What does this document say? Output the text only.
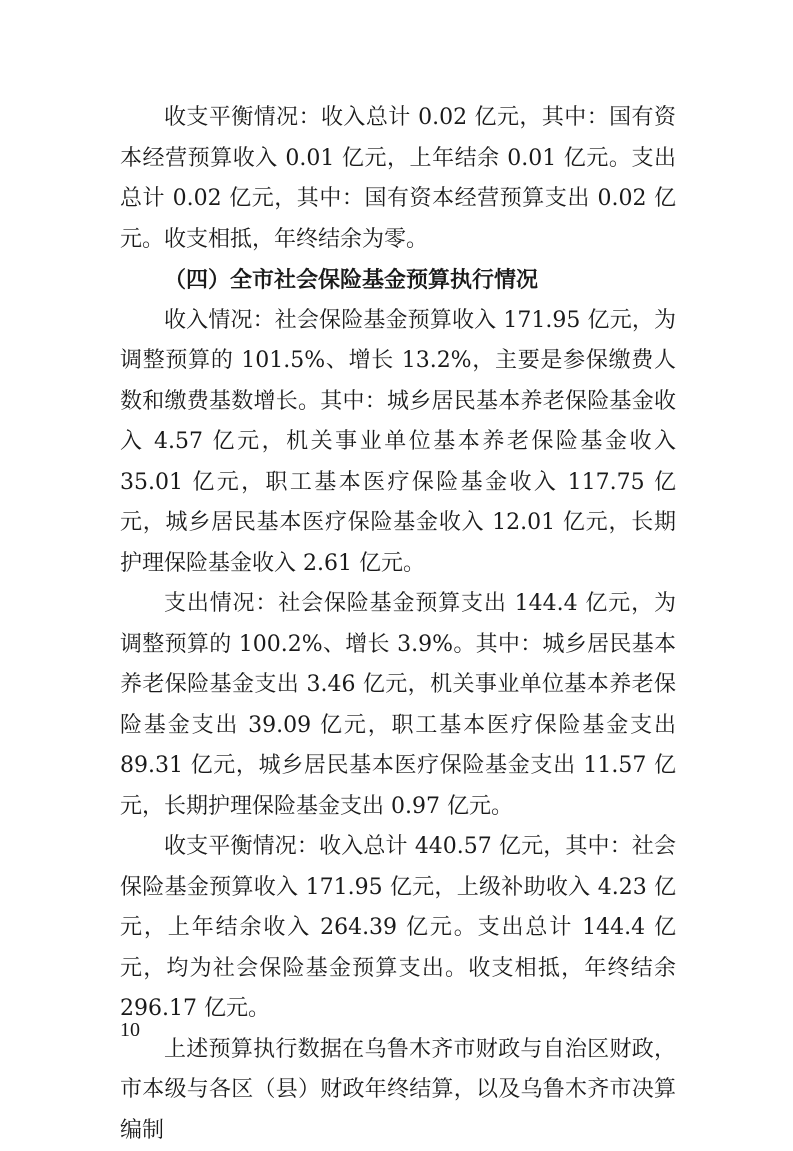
收支平衡情况：收入总计 0.02 亿元，其中：国有资本经营预算收入 0.01 亿元，上年结余 0.01 亿元。支出总计 0.02 亿元，其中：国有资本经营预算支出 0.02 亿元。收支相抵，年终结余为零。

（四）全市社会保险基金预算执行情况

收入情况：社会保险基金预算收入 171.95 亿元，为调整预算的 101.5%、增长 13.2%，主要是参保缴费人数和缴费基数增长。其中：城乡居民基本养老保险基金收入 4.57 亿元，机关事业单位基本养老保险基金收入 35.01 亿元，职工基本医疗保险基金收入 117.75 亿元，城乡居民基本医疗保险基金收入 12.01 亿元，长期护理保险基金收入 2.61 亿元。

支出情况：社会保险基金预算支出 144.4 亿元，为调整预算的 100.2%、增长 3.9%。其中：城乡居民基本养老保险基金支出 3.46 亿元，机关事业单位基本养老保险基金支出 39.09 亿元，职工基本医疗保险基金支出 89.31 亿元，城乡居民基本医疗保险基金支出 11.57 亿元，长期护理保险基金支出 0.97 亿元。

收支平衡情况：收入总计 440.57 亿元，其中：社会保险基金预算收入 171.95 亿元，上级补助收入 4.23 亿元，上年结余收入 264.39 亿元。支出总计 144.4 亿元，均为社会保险基金预算支出。收支相抵，年终结余 296.17 亿元。

上述预算执行数据在乌鲁木齐市财政与自治区财政，市本级与各区（县）财政年终结算，以及乌鲁木齐市决算编制

10
